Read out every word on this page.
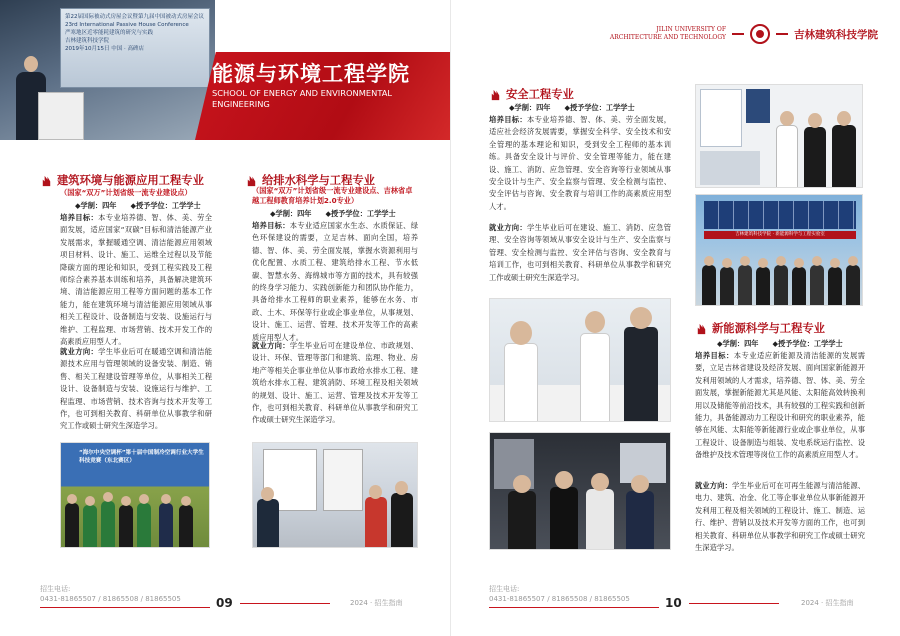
第22届国际被动式房屋会议暨第九届中国被动式房屋会议
23rd International Passive House Conference
严寒地区近零能耗建筑的研究与实践
吉林建筑科技学院
2019年10月15日 中国 · 高碑店
能源与环境工程学院
SCHOOL OF ENERGY AND ENVIRONMENTAL ENGINEERING
建筑环境与能源应用工程专业
（国家“双万”计划省级一流专业建设点）
◆学制：四年 ◆授予学位：工学学士
培养目标：本专业培养德、智、体、美、劳全面发展，适应国家“双碳”目标和清洁能源产业发展需求，掌握暖通空调、清洁能源应用领域项目材料、设计、施工、运维全过程以及节能降碳方面的理论和知识，受到工程实践及工程师综合素养基本训练和培养，具备解决建筑环境、清洁能源应用工程等方面问题的基本工作能力，能在建筑环境与清洁能源应用领域从事相关工程设计、设备制造与安装、设施运行与维护、工程监理、市场营销、技术开发工作的高素质应用型人才。
就业方向：学生毕业后可在暖通空调和清洁能源技术应用与管理领域的设备安装、制造、销售、相关工程建设管理等单位，从事相关工程设计、设备制造与安装、设施运行与维护、工程监理、市场营销、技术咨询与技术开发等工作，也可到相关教育、科研单位从事教学和研究工作或硕士研究生深造学习。
“海尔中央空调杯”第十届中国制冷空调行业大学生科技竞赛（东北赛区）
给排水科学与工程专业
（国家“双万”计划省级一流专业建设点、吉林省卓越工程师教育培养计划2.0专业）
◆学制：四年 ◆授予学位：工学学士
培养目标：本专业适应国家水生态、水质保证、绿色环保建设的需要，立足吉林、面向全国，培养德、智、体、美、劳全面发展，掌握水资源利用与优化配置、水质工程、建筑给排水工程、节水低碳、智慧水务、海绵城市等方面的技术，具有较强的终身学习能力、实践创新能力和团队协作能力，具备给排水工程师的职业素养，能够在水务、市政、土木、环保等行业或企事业单位，从事规划、设计、施工、运营、管理、技术开发等工作的高素质应用型人才。
就业方向：学生毕业后可在建设单位、市政规划、设计、环保、管理等部门和建筑、监理、物业、房地产等相关企事业单位从事市政给水排水工程、建筑给水排水工程、建筑消防、环境工程及相关领域的规划、设计、施工、运营、管理及技术开发等工作，也可到相关教育、科研单位从事教学和研究工作或硕士研究生深造学习。
招生电话:
0431-81865507 / 81865508 / 81865505	09	2024 · 招生指南
JILIN UNIVERSITY OF
ARCHITECTURE AND TECHNOLOGY	吉林建筑科技学院
安全工程专业
◆学制：四年 ◆授予学位：工学学士
培养目标：本专业培养德、智、体、美、劳全面发展，适应社会经济发展需要，掌握安全科学、安全技术和安全管理的基本理论和知识，受到安全工程师的基本训练。具备安全设计与评价、安全管理等能力，能在建设、施工、消防、应急管理、安全咨询等行业领域从事安全设计与生产、安全监察与管理、安全检测与监控、安全评估与咨询、安全教育与培训工作的高素质应用型人才。
就业方向：学生毕业后可在建设、施工、消防、应急管理、安全咨询等领域从事安全设计与生产、安全监察与管理、安全检测与监控、安全评估与咨询、安全教育与培训工作，也可到相关教育、科研单位从事教学和研究工作或硕士研究生深造学习。
吉林建筑科技学院 · 新能源科学与工程实验室
新能源科学与工程专业
◆学制：四年 ◆授予学位：工学学士
培养目标：本专业适应新能源及清洁能源的发展需要，立足吉林省建设及经济发展、面向国家新能源开发利用领域的人才需求，培养德、智、体、美、劳全面发展，掌握新能源尤其是风能、太阳能高效转换利用以及储能等前沿技术，具有较强的工程实践和创新能力，具备能源动力工程设计和研究的职业素养，能够在风能、太阳能等新能源行业或企事业单位，从事工程设计、设备制造与组装、发电系统运行监控、设备维护及技术管理等岗位工作的高素质应用型人才。
就业方向：学生毕业后可在可再生能源与清洁能源、电力、建筑、冶金、化工等企事业单位从事新能源开发利用工程及相关领域的工程设计、施工、制造、运行、维护、营销以及技术开发等方面的工作，也可到相关教育、科研单位从事教学和研究工作或硕士研究生深造学习。
招生电话:
0431-81865507 / 81865508 / 81865505	10	2024 · 招生指南
